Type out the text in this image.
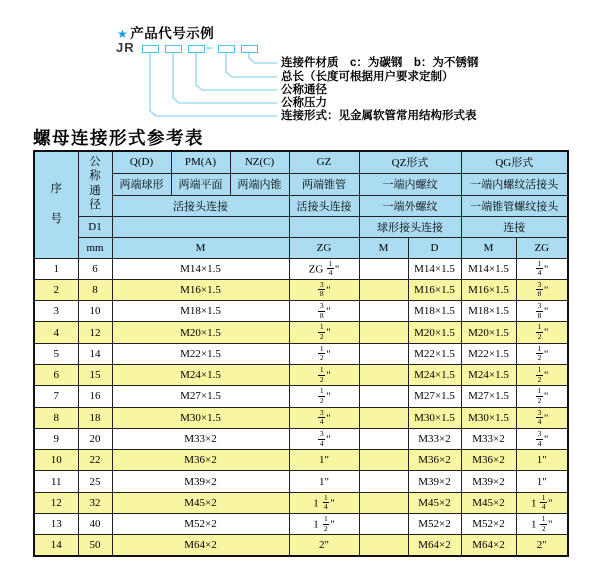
★ 产品代号示例
JR	–
连接件材质　c：为碳钢　b：为不锈钢
总长（长度可根据用户要求定制）
公称通径
公称压力
连接形式：见金属软管常用结构形式表
螺母连接形式参考表
序号	公称通径	Q(D)	PM(A)	NZ(C)	GZ	QZ形式		QG形式	
		两端球形	两端平面	两端内锥	两端锥管	一端内螺纹		一端内螺纹活接头	
		活接头连接			活接头连接	一端外螺纹		一端锥管螺纹接头	
	D1					球形接头连接		连接	
	mm	M			ZG	M	D	M	ZG
1	6	M14×1.5			ZG $\frac{1}{4}$ "		M14×1.5	M14×1.5	$\frac{1}{4}$ "
2	8	M16×1.5			$\frac{3}{8}$ "		M16×1.5	M16×1.5	$\frac{3}{8}$ "
3	10	M18×1.5			$\frac{3}{8}$ "		M18×1.5	M18×1.5	$\frac{3}{8}$ "
4	12	M20×1.5			$\frac{1}{2}$ "		M20×1.5	M20×1.5	$\frac{1}{2}$ "
5	14	M22×1.5			$\frac{1}{2}$ "		M22×1.5	M22×1.5	$\frac{1}{2}$ "
6	15	M24×1.5			$\frac{1}{2}$ "		M24×1.5	M24×1.5	$\frac{1}{2}$ "
7	16	M27×1.5			$\frac{1}{2}$ "		M27×1.5	M27×1.5	$\frac{1}{2}$ "
8	18	M30×1.5			$\frac{3}{4}$ "		M30×1.5	M30×1.5	$\frac{3}{4}$ "
9	20	M33×2			$\frac{3}{4}$ "		M33×2	M33×2	$\frac{3}{4}$ "
10	22	M36×2			1"		M36×2	M36×2	1"
11	25	M39×2			1"		M39×2	M39×2	1"
12	32	M45×2			$1 \frac{1}{4}$ "		M45×2	M45×2	$1 \frac{1}{4}$ "
13	40	M52×2			$1 \frac{1}{2}$ "		M52×2	M52×2	$1 \frac{1}{2}$ "
14	50	M64×2			2"		M64×2	M64×2	2"
